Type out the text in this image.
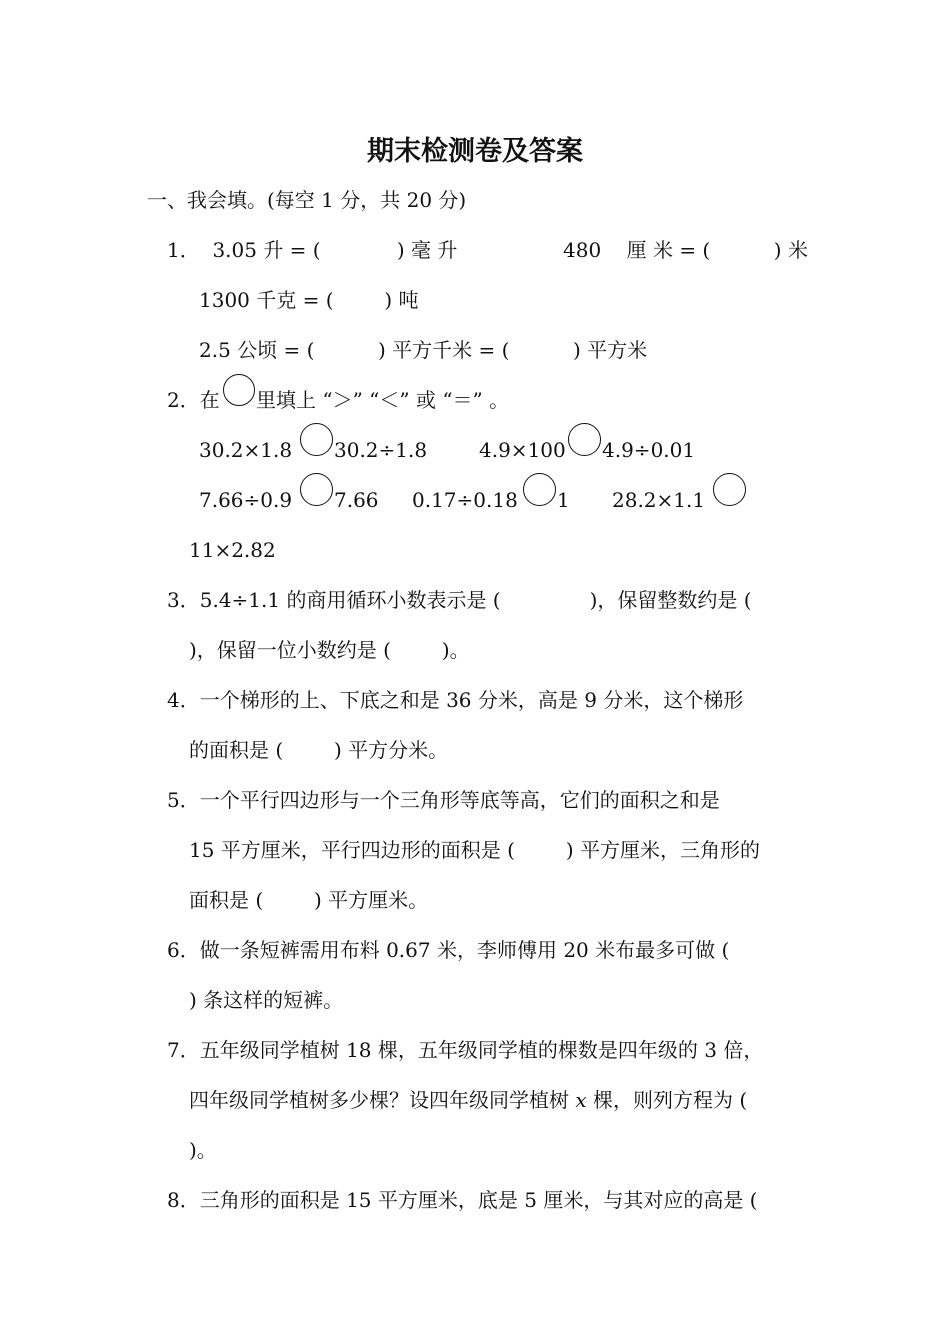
期末检测卷及答案
一、我会填。(每空 1 分，共 20 分)
1．  3.05 升 = (            ) 毫 升	480    厘 米 = (          ) 米
1300 千克 = (        ) 吨
2.5 公顷 = (          ) 平方千米 = (          ) 平方米
2．在 里填上 “＞” “＜” 或 “＝” 。
30.2×1.8 30.2÷1.8	4.9×100 4.9÷0.01
7.66÷0.9 7.66 0.17÷0.18 1 28.2×1.1
11×2.82
3．5.4÷1.1 的商用循环小数表示是 (              )，保留整数约是 (
)，保留一位小数约是 (        )。
4．一个梯形的上、下底之和是 36 分米，高是 9 分米，这个梯形
的面积是 (        ) 平方分米。
5．一个平行四边形与一个三角形等底等高，它们的面积之和是
15 平方厘米，平行四边形的面积是 (        ) 平方厘米，三角形的
面积是 (        ) 平方厘米。
6．做一条短裤需用布料 0.67 米，李师傅用 20 米布最多可做 (
) 条这样的短裤。
7．五年级同学植树 18 棵，五年级同学植的棵数是四年级的 3 倍，
四年级同学植树多少棵？设四年级同学植树 x 棵，则列方程为 (
)。
8．三角形的面积是 15 平方厘米，底是 5 厘米，与其对应的高是 (
